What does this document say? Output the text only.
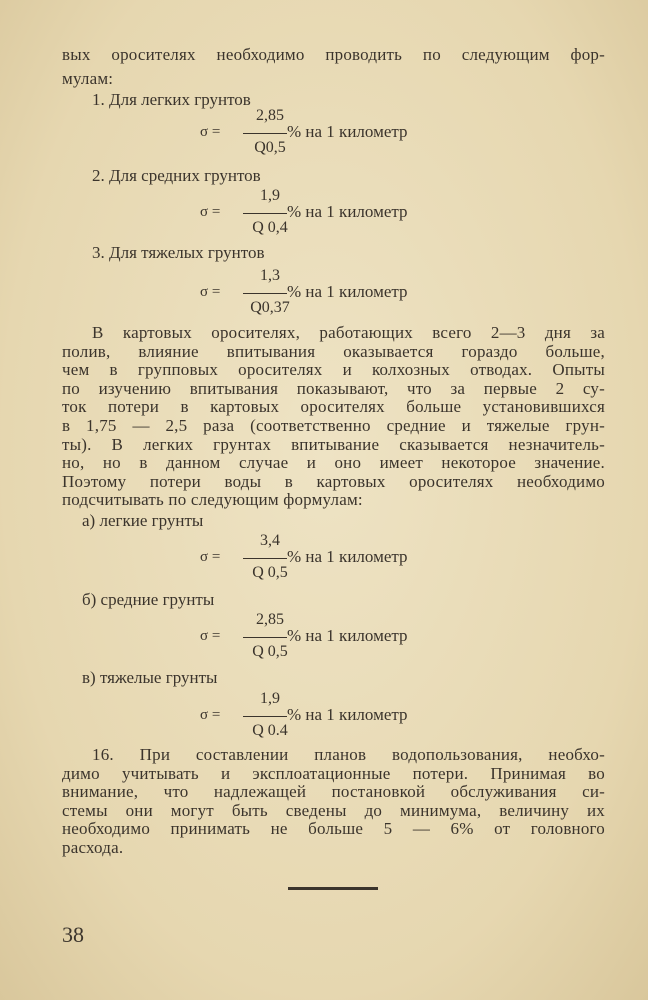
вых оросителях необходимо проводить по следующим фор-
мулам:
1. Для легких грунтов
σ =
2,85
Q0,5
% на 1 километр
2. Для средних грунтов
σ =
1,9
Q 0,4
% на 1 километр
3. Для тяжелых грунтов
σ =
1,3
Q0,37
% на 1 километр
В картовых оросителях, работающих всего 2—3 дня за
полив, влияние впитывания оказывается гораздо больше,
чем в групповых оросителях и колхозных отводах. Опыты
по изучению впитывания показывают, что за первые 2 су-
ток потери в картовых оросителях больше установившихся
в 1,75 — 2,5 раза (соответственно средние и тяжелые грун-
ты). В легких грунтах впитывание сказывается незначитель-
но, но в данном случае и оно имеет некоторое значение.
Поэтому потери воды в картовых оросителях необходимо
подсчитывать по следующим формулам:
а) легкие грунты
σ =
3,4
Q 0,5
% на 1 километр
б) средние грунты
σ =
2,85
Q 0,5
% на 1 километр
в) тяжелые грунты
σ =
1,9
Q 0.4
% на 1 километр
16. При составлении планов водопользования, необхо-
димо учитывать и эксплоатационные потери. Принимая во
внимание, что надлежащей постановкой обслуживания си-
стемы они могут быть сведены до минимума, величину их
необходимо принимать не больше 5 — 6% от головного
расхода.
38
